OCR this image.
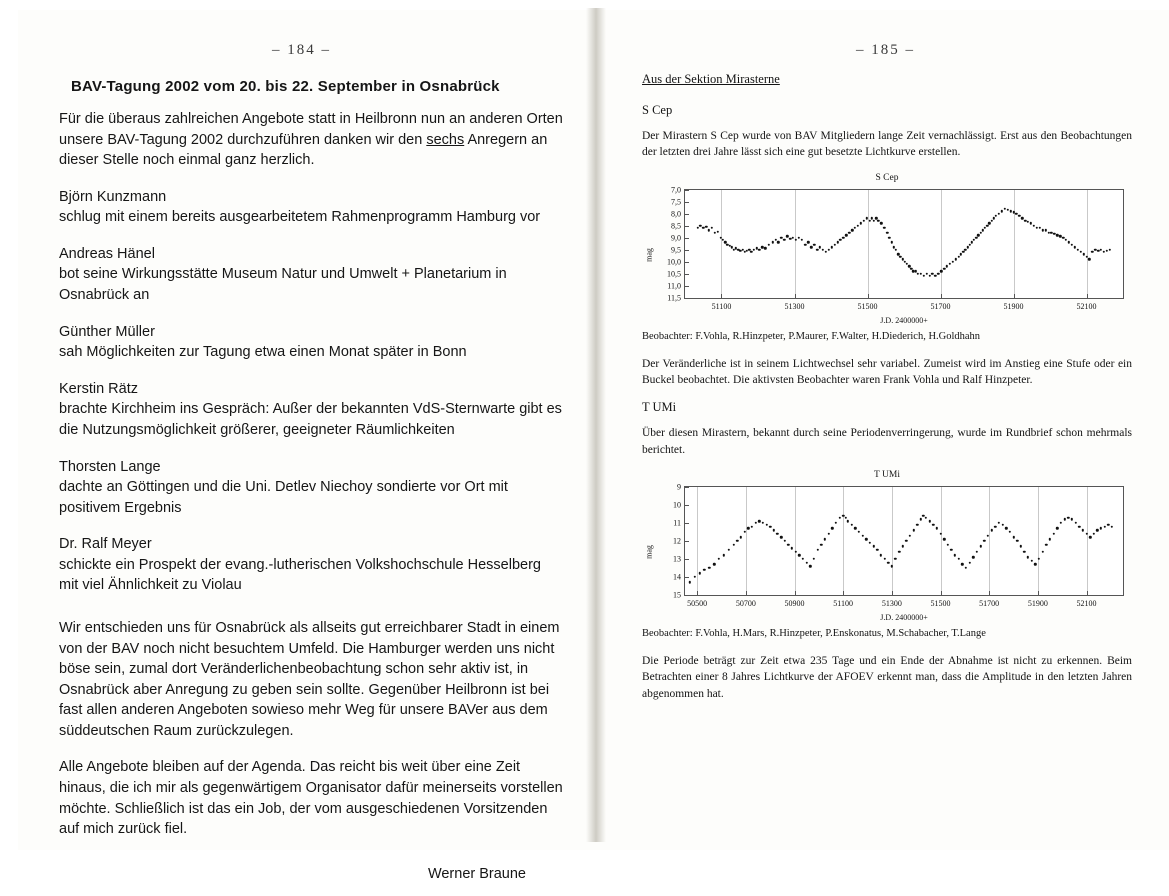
– 184 –
BAV-Tagung 2002 vom 20. bis 22. September in Osnabrück

Für die überaus zahlreichen Angebote statt in Heilbronn nun an anderen Orten unsere BAV-Tagung 2002 durchzuführen danken wir den sechs Anregern an dieser Stelle noch einmal ganz herzlich.

Björn Kunzmann

schlug mit einem bereits ausgearbeitetem Rahmenprogramm Hamburg vor

Andreas Hänel

bot seine Wirkungsstätte Museum Natur und Umwelt + Planetarium in Osnabrück an

Günther Müller

sah Möglichkeiten zur Tagung etwa einen Monat später in Bonn

Kerstin Rätz

brachte Kirchheim ins Gespräch: Außer der bekannten VdS-Sternwarte gibt es die Nutzungsmöglichkeit größerer, geeigneter Räumlichkeiten

Thorsten Lange

dachte an Göttingen und die Uni. Detlev Niechoy sondierte vor Ort mit positivem Ergebnis

Dr. Ralf Meyer

schickte ein Prospekt der evang.-lutherischen Volkshochschule Hesselberg mit viel Ähnlichkeit zu Violau

Wir entschieden uns für Osnabrück als allseits gut erreichbarer Stadt in einem von der BAV noch nicht besuchtem Umfeld. Die Hamburger werden uns nicht böse sein, zumal dort Veränderlichenbeobachtung schon sehr aktiv ist, in Osnabrück aber Anregung zu geben sein sollte. Gegenüber Heilbronn ist bei fast allen anderen Angeboten sowieso mehr Weg für unsere BAVer aus dem süddeutschen Raum zurückzulegen.

Alle Angebote bleiben auf der Agenda. Das reicht bis weit über eine Zeit hinaus, die ich mir als gegenwärtigem Organisator dafür meinerseits vorstellen möchte. Schließlich ist das ein Job, der vom ausgeschiedenen Vorsitzenden auf mich zurück fiel.

Werner Braune

– 185 –
Aus der Sektion Mirasterne
S Cep

Der Mirastern S Cep wurde von BAV Mitgliedern lange Zeit vernachlässigt. Erst aus den Beobachtungen der letzten drei Jahre lässt sich eine gut besetzte Lichtkurve erstellen.

S Cep
mag
51100	51300	51500	51700	51900	52100
7,0
7,5
8,0
8,5
9,0
9,5
10,0
10,5
11,0
11,5
J.D. 2400000+

Beobachter: F.Vohla, R.Hinzpeter, P.Maurer, F.Walter, H.Diederich, H.Goldhahn

Der Veränderliche ist in seinem Lichtwechsel sehr variabel. Zumeist wird im Anstieg eine Stufe oder ein Buckel beobachtet. Die aktivsten Beobachter waren Frank Vohla und Ralf Hinzpeter.

T UMi

Über diesen Mirastern, bekannt durch seine Periodenverringerung, wurde im Rundbrief schon mehrmals berichtet.

T UMi
mag
50500	50700	50900	51100	51300	51500	51700	51900	52100
9
10
11
12
13
14
15
J.D. 2400000+

Beobachter: F.Vohla, H.Mars, R.Hinzpeter, P.Enskonatus, M.Schabacher, T.Lange

Die Periode beträgt zur Zeit etwa 235 Tage und ein Ende der Abnahme ist nicht zu erkennen. Beim Betrachten einer 8 Jahres Lichtkurve der AFOEV erkennt man, dass die Amplitude in den letzten Jahren abgenommen hat.
